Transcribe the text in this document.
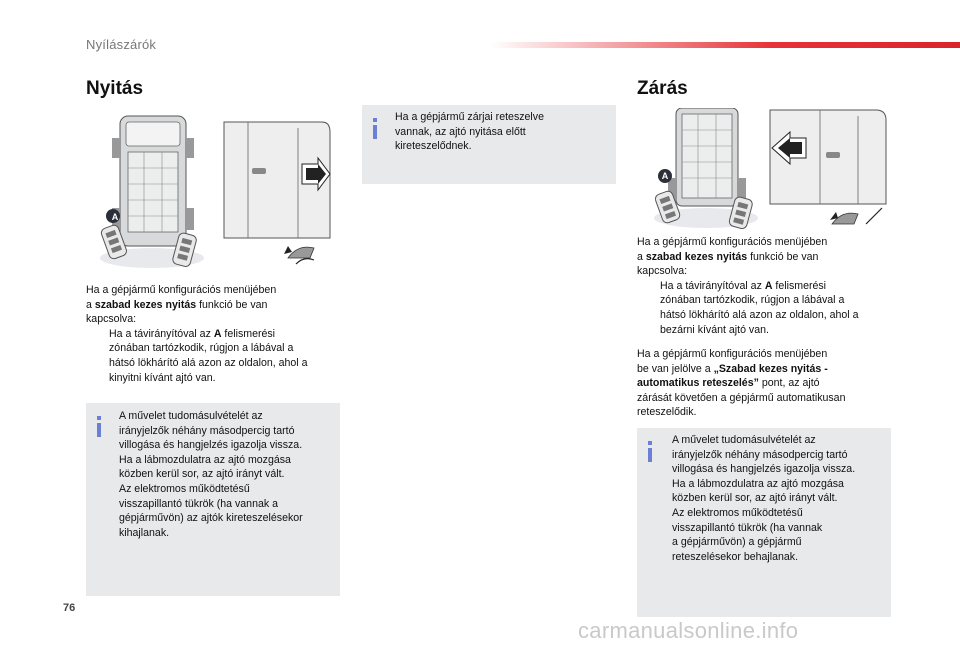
Nyílászárók
Nyitás
A
Ha a gépjármű konfigurációs menüjében
a szabad kezes nyitás funkció be van
kapcsolva:
Ha a távirányítóval az A felismerési
zónában tartózkodik, rúgjon a lábával a
hátsó lökhárító alá azon az oldalon, ahol a
kinyitni kívánt ajtó van.
A művelet tudomásulvételét az
irányjelzők néhány másodpercig tartó
villogása és hangjelzés igazolja vissza.
Ha a lábmozdulatra az ajtó mozgása
közben kerül sor, az ajtó irányt vált.
Az elektromos működtetésű
visszapillantó tükrök (ha vannak a
gépjárművön) az ajtók kireteszelésekor
kihajlanak.
Ha a gépjármű zárjai reteszelve
vannak, az ajtó nyitása előtt
kireteszelődnek.
Zárás
A
Ha a gépjármű konfigurációs menüjében
a szabad kezes nyitás funkció be van
kapcsolva:
Ha a távirányítóval az A felismerési
zónában tartózkodik, rúgjon a lábával a
hátsó lökhárító alá azon az oldalon, ahol a
bezárni kívánt ajtó van.
Ha a gépjármű konfigurációs menüjében
be van jelölve a „Szabad kezes nyitás -
automatikus reteszelés” pont, az ajtó
zárását követően a gépjármű automatikusan
reteszelődik.
A művelet tudomásulvételét az
irányjelzők néhány másodpercig tartó
villogása és hangjelzés igazolja vissza.
Ha a lábmozdulatra az ajtó mozgása
közben kerül sor, az ajtó irányt vált.
Az elektromos működtetésű
visszapillantó tükrök (ha vannak
a gépjárművön) a gépjármű
reteszelésekor behajlanak.
76
carmanualsonline.info
